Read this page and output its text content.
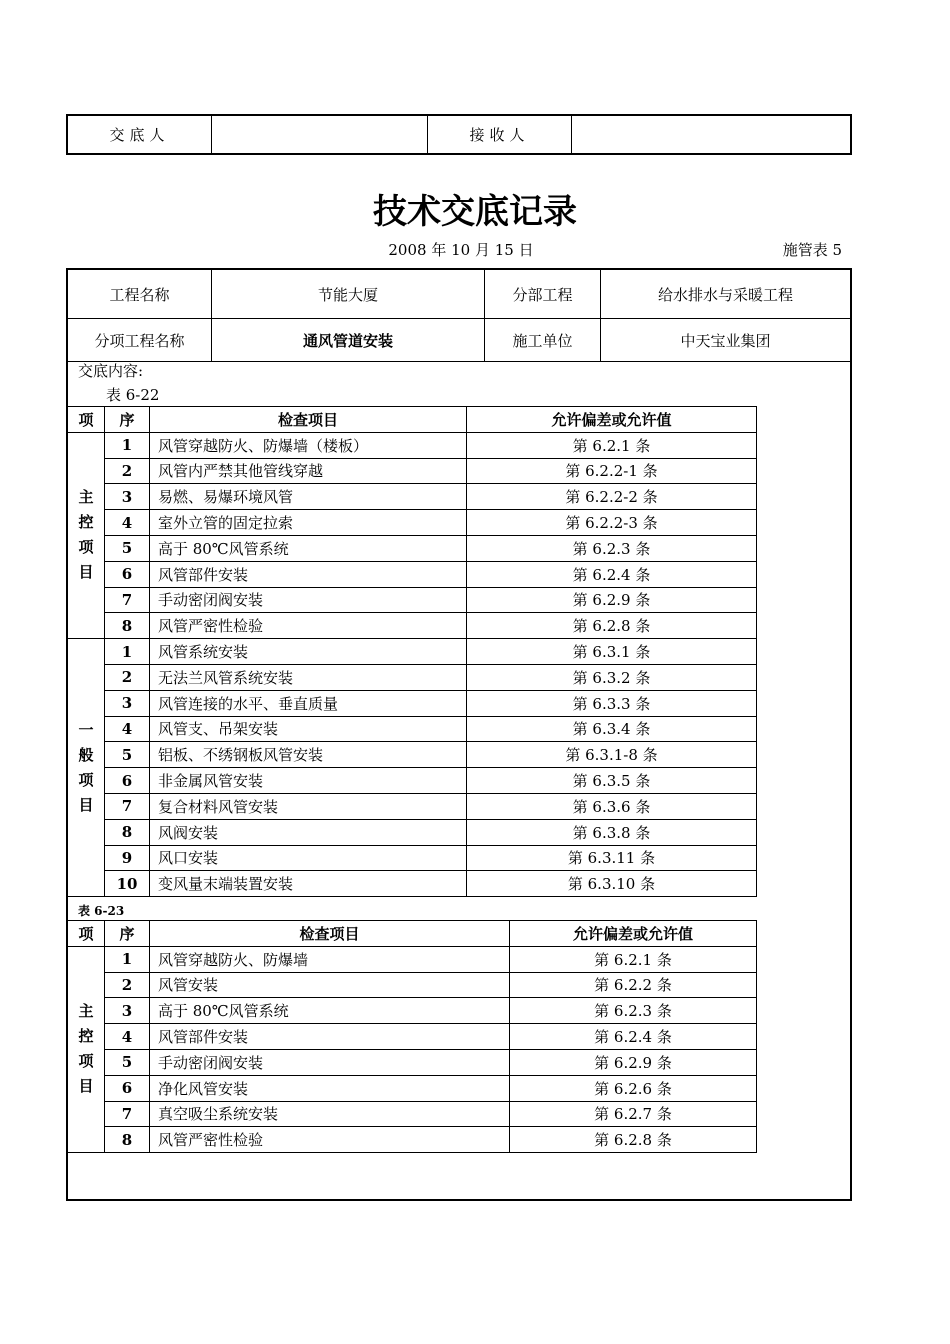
交底人		接收人	
技术交底记录
2008 年 10 月 15 日	施管表 5
工程名称	节能大厦	分部工程	给水排水与采暖工程
分项工程名称	通风管道安装	施工单位	中天宝业集团
交底内容:
表 6-22
项	序	检查项目	允许偏差或允许值

主控项目	1	风管穿越防火、防爆墙（楼板）	第 6.2.1 条
	2	风管内严禁其他管线穿越	第 6.2.2-1 条
	3	易燃、易爆环境风管	第 6.2.2-2 条
	4	室外立管的固定拉索	第 6.2.2-3 条
	5	高于 80℃风管系统	第 6.2.3 条
	6	风管部件安装	第 6.2.4 条
	7	手动密闭阀安装	第 6.2.9 条
	8	风管严密性检验	第 6.2.8 条

一般项目	1	风管系统安装	第 6.3.1 条
	2	无法兰风管系统安装	第 6.3.2 条
	3	风管连接的水平、垂直质量	第 6.3.3 条
	4	风管支、吊架安装	第 6.3.4 条
	5	铝板、不绣钢板风管安装	第 6.3.1-8 条
	6	非金属风管安装	第 6.3.5 条
	7	复合材料风管安装	第 6.3.6 条
	8	风阀安装	第 6.3.8 条
	9	风口安装	第 6.3.11 条
	10	变风量末端装置安装	第 6.3.10 条
表 6-23
项	序	检查项目	允许偏差或允许值

主控项目	1	风管穿越防火、防爆墙	第 6.2.1 条
	2	风管安装	第 6.2.2 条
	3	高于 80℃风管系统	第 6.2.3 条
	4	风管部件安装	第 6.2.4 条
	5	手动密闭阀安装	第 6.2.9 条
	6	净化风管安装	第 6.2.6 条
	7	真空吸尘系统安装	第 6.2.7 条
	8	风管严密性检验	第 6.2.8 条
